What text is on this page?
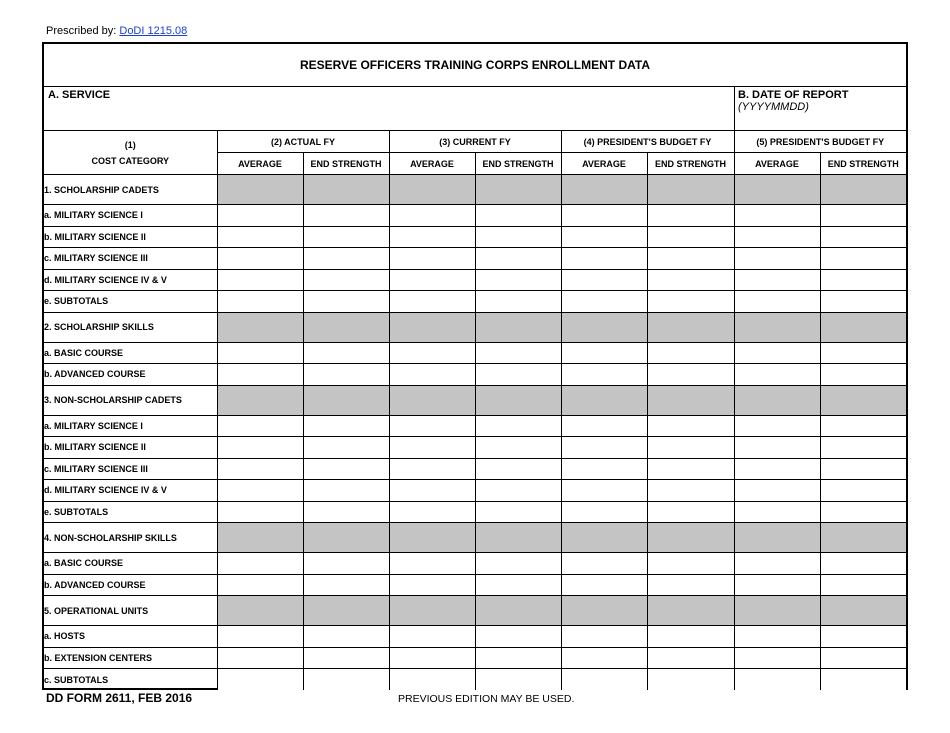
Prescribed by: DoDI 1215.08
RESERVE OFFICERS TRAINING CORPS ENROLLMENT DATA
A. SERVICE	B. DATE OF REPORT (YYYYMMDD)
(1)
COST CATEGORY	(2) ACTUAL FY		(3) CURRENT FY		(4) PRESIDENT'S BUDGET FY		(5) PRESIDENT'S BUDGET FY	
	AVERAGE	END STRENGTH	AVERAGE	END STRENGTH	AVERAGE	END STRENGTH	AVERAGE	END STRENGTH
1. SCHOLARSHIP CADETS								
a. MILITARY SCIENCE I								
b. MILITARY SCIENCE II								
c. MILITARY SCIENCE III								
d. MILITARY SCIENCE IV & V								
e. SUBTOTALS								
2. SCHOLARSHIP SKILLS								
a. BASIC COURSE								
b. ADVANCED COURSE								
3. NON-SCHOLARSHIP CADETS								
a. MILITARY SCIENCE I								
b. MILITARY SCIENCE II								
c. MILITARY SCIENCE III								
d. MILITARY SCIENCE IV & V								
e. SUBTOTALS								
4. NON-SCHOLARSHIP SKILLS								
a. BASIC COURSE								
b. ADVANCED COURSE								
5. OPERATIONAL UNITS								
a. HOSTS								
b. EXTENSION CENTERS								
c. SUBTOTALS								
DD FORM 2611, FEB 2016	PREVIOUS EDITION MAY BE USED.
